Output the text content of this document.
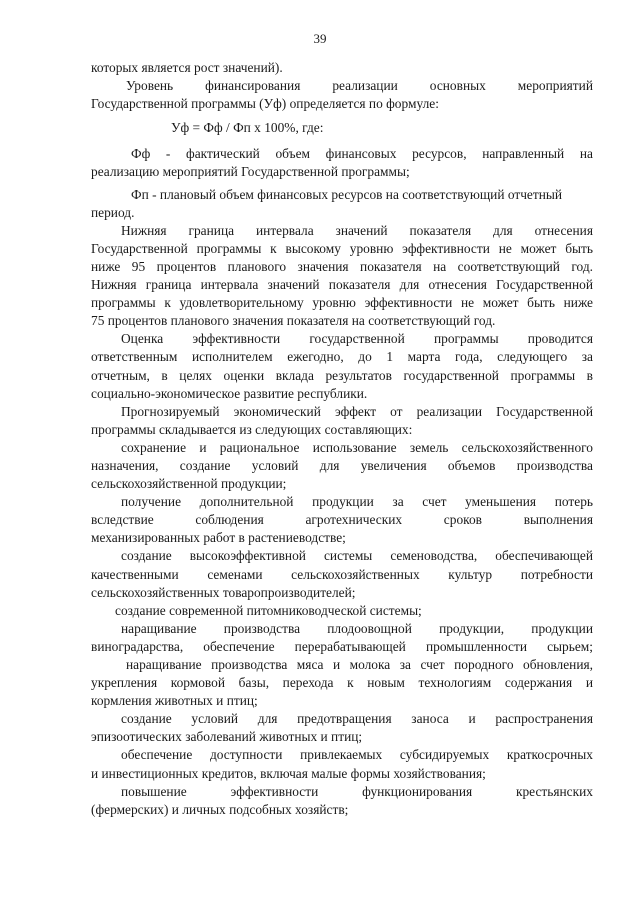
39
которых является рост значений).
Уровень финансирования реализации основных мероприятий
Государственной программы (Уф) определяется по формуле:
Уф = Фф / Фп x 100%, где:
Фф - фактический объем финансовых ресурсов, направленный на
реализацию мероприятий Государственной программы;
Фп - плановый объем финансовых ресурсов на соответствующий отчетный
период.
Нижняя граница интервала значений показателя для отнесения
Государственной программы к высокому уровню эффективности не может быть
ниже 95 процентов планового значения показателя на соответствующий год.
Нижняя граница интервала значений показателя для отнесения Государственной
программы к удовлетворительному уровню эффективности не может быть ниже
75 процентов планового значения показателя на соответствующий год.
Оценка эффективности государственной программы проводится
ответственным исполнителем ежегодно, до 1 марта года, следующего за
отчетным, в целях оценки вклада результатов государственной программы в
социально-экономическое развитие республики.
Прогнозируемый экономический эффект от реализации Государственной
программы складывается из следующих составляющих:
сохранение и рациональное использование земель сельскохозяйственного
назначения, создание условий для увеличения объемов производства
сельскохозяйственной продукции;
получение дополнительной продукции за счет уменьшения потерь
вследствие соблюдения агротехнических сроков выполнения
механизированных работ в растениеводстве;
создание высокоэффективной системы семеноводства, обеспечивающей
качественными семенами сельскохозяйственных культур потребности
сельскохозяйственных товаропроизводителей;
создание современной питомниководческой системы;
наращивание производства плодоовощной продукции, продукции
виноградарства, обеспечение перерабатывающей промышленности сырьем;
наращивание производства мяса и молока за счет породного обновления,
укрепления кормовой базы, перехода к новым технологиям содержания и
кормления животных и птиц;
создание условий для предотвращения заноса и распространения
эпизоотических заболеваний животных и птиц;
обеспечение доступности привлекаемых субсидируемых краткосрочных
и инвестиционных кредитов, включая малые формы хозяйствования;
повышение эффективности функционирования крестьянских
(фермерских) и личных подсобных хозяйств;
